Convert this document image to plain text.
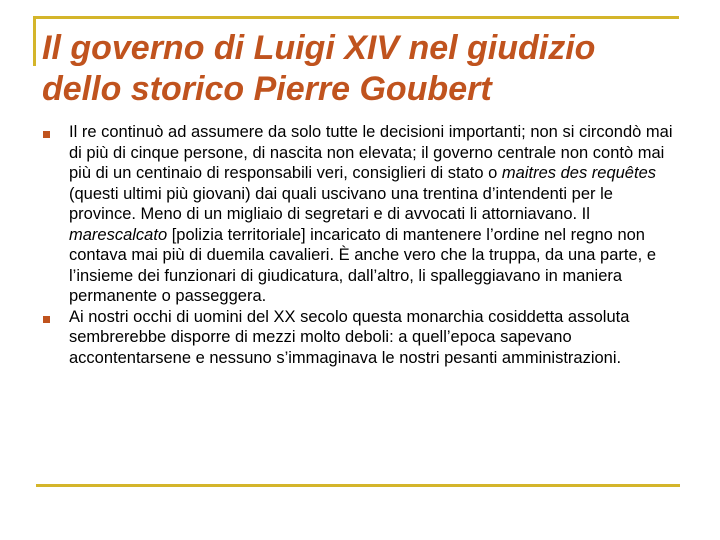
Il governo di Luigi XIV nel giudizio dello storico Pierre Goubert
Il re continuò ad assumere da solo tutte le decisioni importanti; non si circondò mai di più di cinque persone, di nascita non elevata; il governo centrale non contò mai più di un centinaio di responsabili veri, consiglieri di stato o maitres des requêtes (questi ultimi più giovani) dai quali uscivano una trentina d’intendenti per le province. Meno di un migliaio di segretari e di avvocati li attorniavano. Il marescalcato [polizia territoriale] incaricato di mantenere l’ordine nel regno non contava mai più di duemila cavalieri. È anche vero che la truppa, da una parte, e l’insieme dei funzionari di giudicatura, dall’altro, li spalleggiavano in maniera permanente o passeggera.
Ai nostri occhi di uomini del XX secolo questa monarchia cosiddetta assoluta sembrerebbe disporre di mezzi molto deboli: a quell’epoca sapevano accontentarsene e nessuno s’immaginava le nostri pesanti amministrazioni.
